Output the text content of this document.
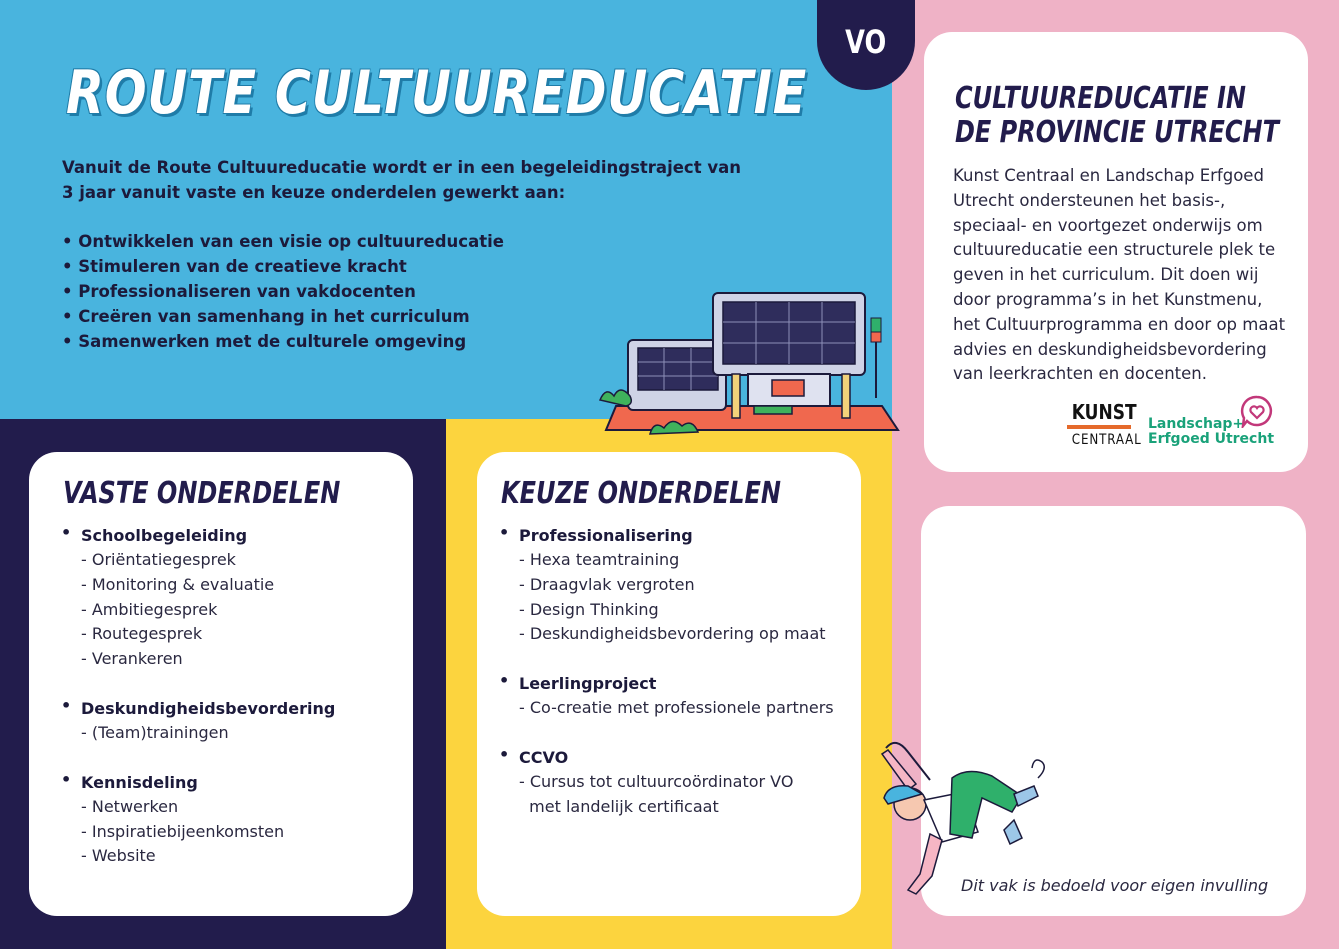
ROUTE CULTUUREDUCATIE
VO

Vanuit de Route Cultuureducatie wordt er in een begeleidingstraject van
3 jaar vanuit vaste en keuze onderdelen gewerkt aan:

• Ontwikkelen van een visie op cultuureducatie
• Stimuleren van de creatieve kracht
• Professionaliseren van vakdocenten
• Creëren van samenhang in het curriculum
• Samenwerken met de culturele omgeving
VASTE ONDERDELEN
• Schoolbegeleiding
- Oriëntatiegesprek
- Monitoring & evaluatie
- Ambitiegesprek
- Routegesprek
- Verankeren
• Deskundigheidsbevordering
- (Team)trainingen
• Kennisdeling
- Netwerken
- Inspiratiebijeenkomsten
- Website
KEUZE ONDERDELEN
• Professionalisering
- Hexa teamtraining
- Draagvlak vergroten
- Design Thinking
- Deskundigheidsbevordering op maat
• Leerlingproject
- Co-creatie met professionele partners
• CCVO
- Cursus tot cultuurcoördinator VO
met landelijk certificaat
CULTUUREDUCATIE IN
DE PROVINCIE UTRECHT

Kunst Centraal en Landschap Erfgoed Utrecht ondersteunen het basis-, speciaal- en voortgezet onderwijs om cultuureducatie een structurele plek te geven in het curriculum. Dit doen wij door programma’s in het Kunstmenu, het Cultuurprogramma en door op maat advies en deskundigheidsbevordering van leerkrachten en docenten.

KUNST
CENTRAAL
Landschap+
Erfgoed Utrecht

Dit vak is bedoeld voor eigen invulling
